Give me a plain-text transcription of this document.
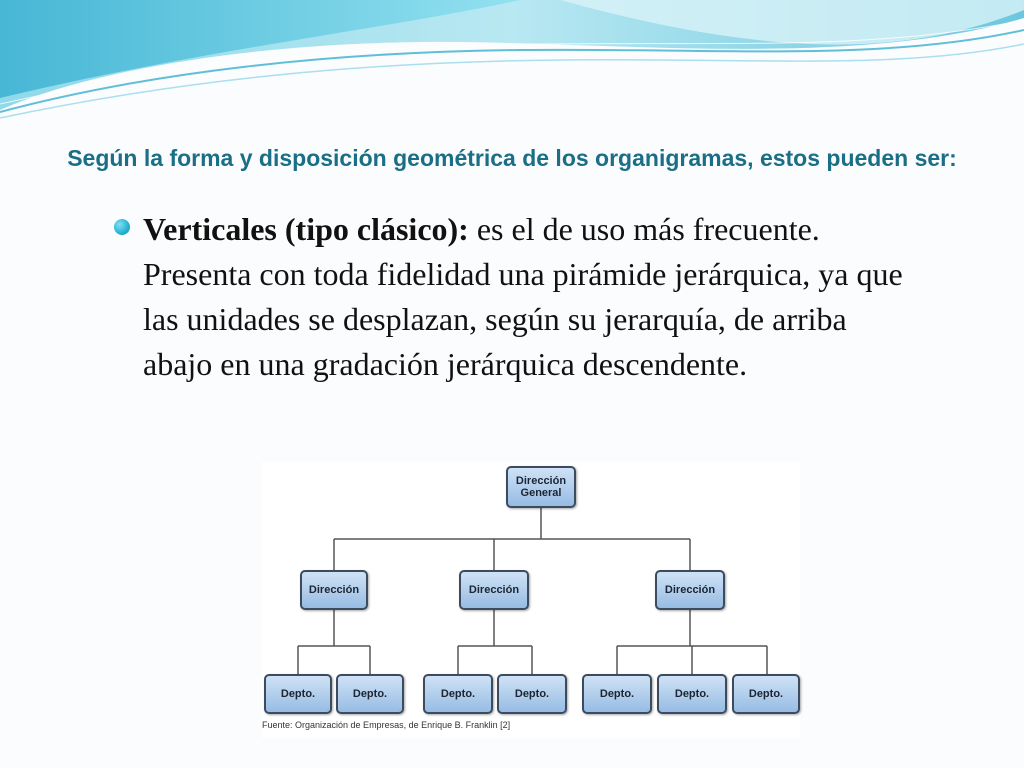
Según la forma y disposición geométrica de los organigramas, estos pueden ser:
Verticales (tipo clásico): es el de uso más frecuente. Presenta con toda fidelidad una pirámide jerárquica, ya que las unidades se desplazan, según su jerarquía, de arriba abajo en una gradación jerárquica descendente.
Dirección General
Dirección	Dirección	Dirección
Depto.	Depto.	Depto.	Depto.	Depto.	Depto.	Depto.
Fuente: Organización de Empresas, de Enrique B. Franklin [2]
